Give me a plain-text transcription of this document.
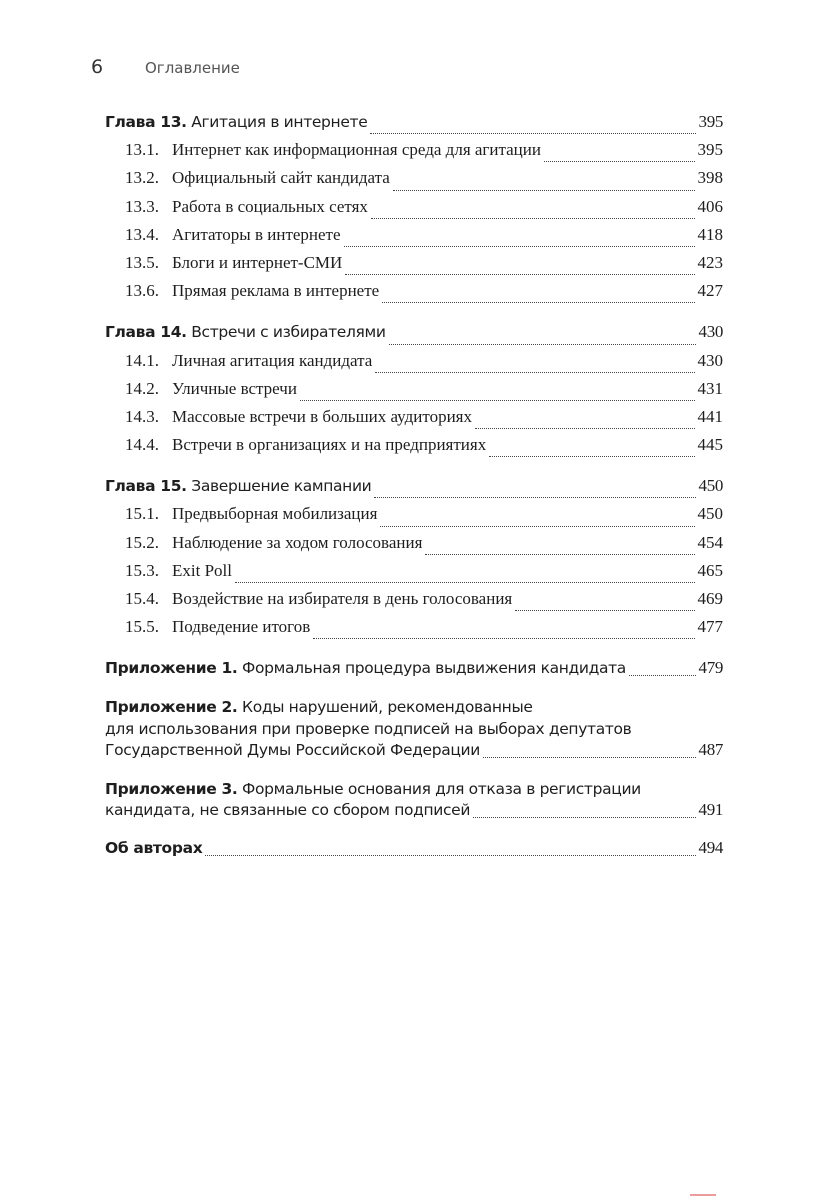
6	Оглавление
Глава 13. Агитация в интернете	395
13.1. Интернет как информационная среда для агитации	395
13.2. Официальный сайт кандидата	398
13.3. Работа в социальных сетях	406
13.4. Агитаторы в интернете	418
13.5. Блоги и интернет-СМИ	423
13.6. Прямая реклама в интернете	427
Глава 14. Встречи с избирателями	430
14.1. Личная агитация кандидата	430
14.2. Уличные встречи	431
14.3. Массовые встречи в больших аудиториях	441
14.4. Встречи в организациях и на предприятиях	445
Глава 15. Завершение кампании	450
15.1. Предвыборная мобилизация	450
15.2. Наблюдение за ходом голосования	454
15.3. Exit Poll	465
15.4. Воздействие на избирателя в день голосования	469
15.5. Подведение итогов	477
Приложение 1. Формальная процедура выдвижения кандидата	479
Приложение 2. Коды нарушений, рекомендованные
для использования при проверке подписей на выборах депутатов
Государственной Думы Российской Федерации	487
Приложение 3. Формальные основания для отказа в регистрации
кандидата, не связанные со сбором подписей	491
Об авторах	494
